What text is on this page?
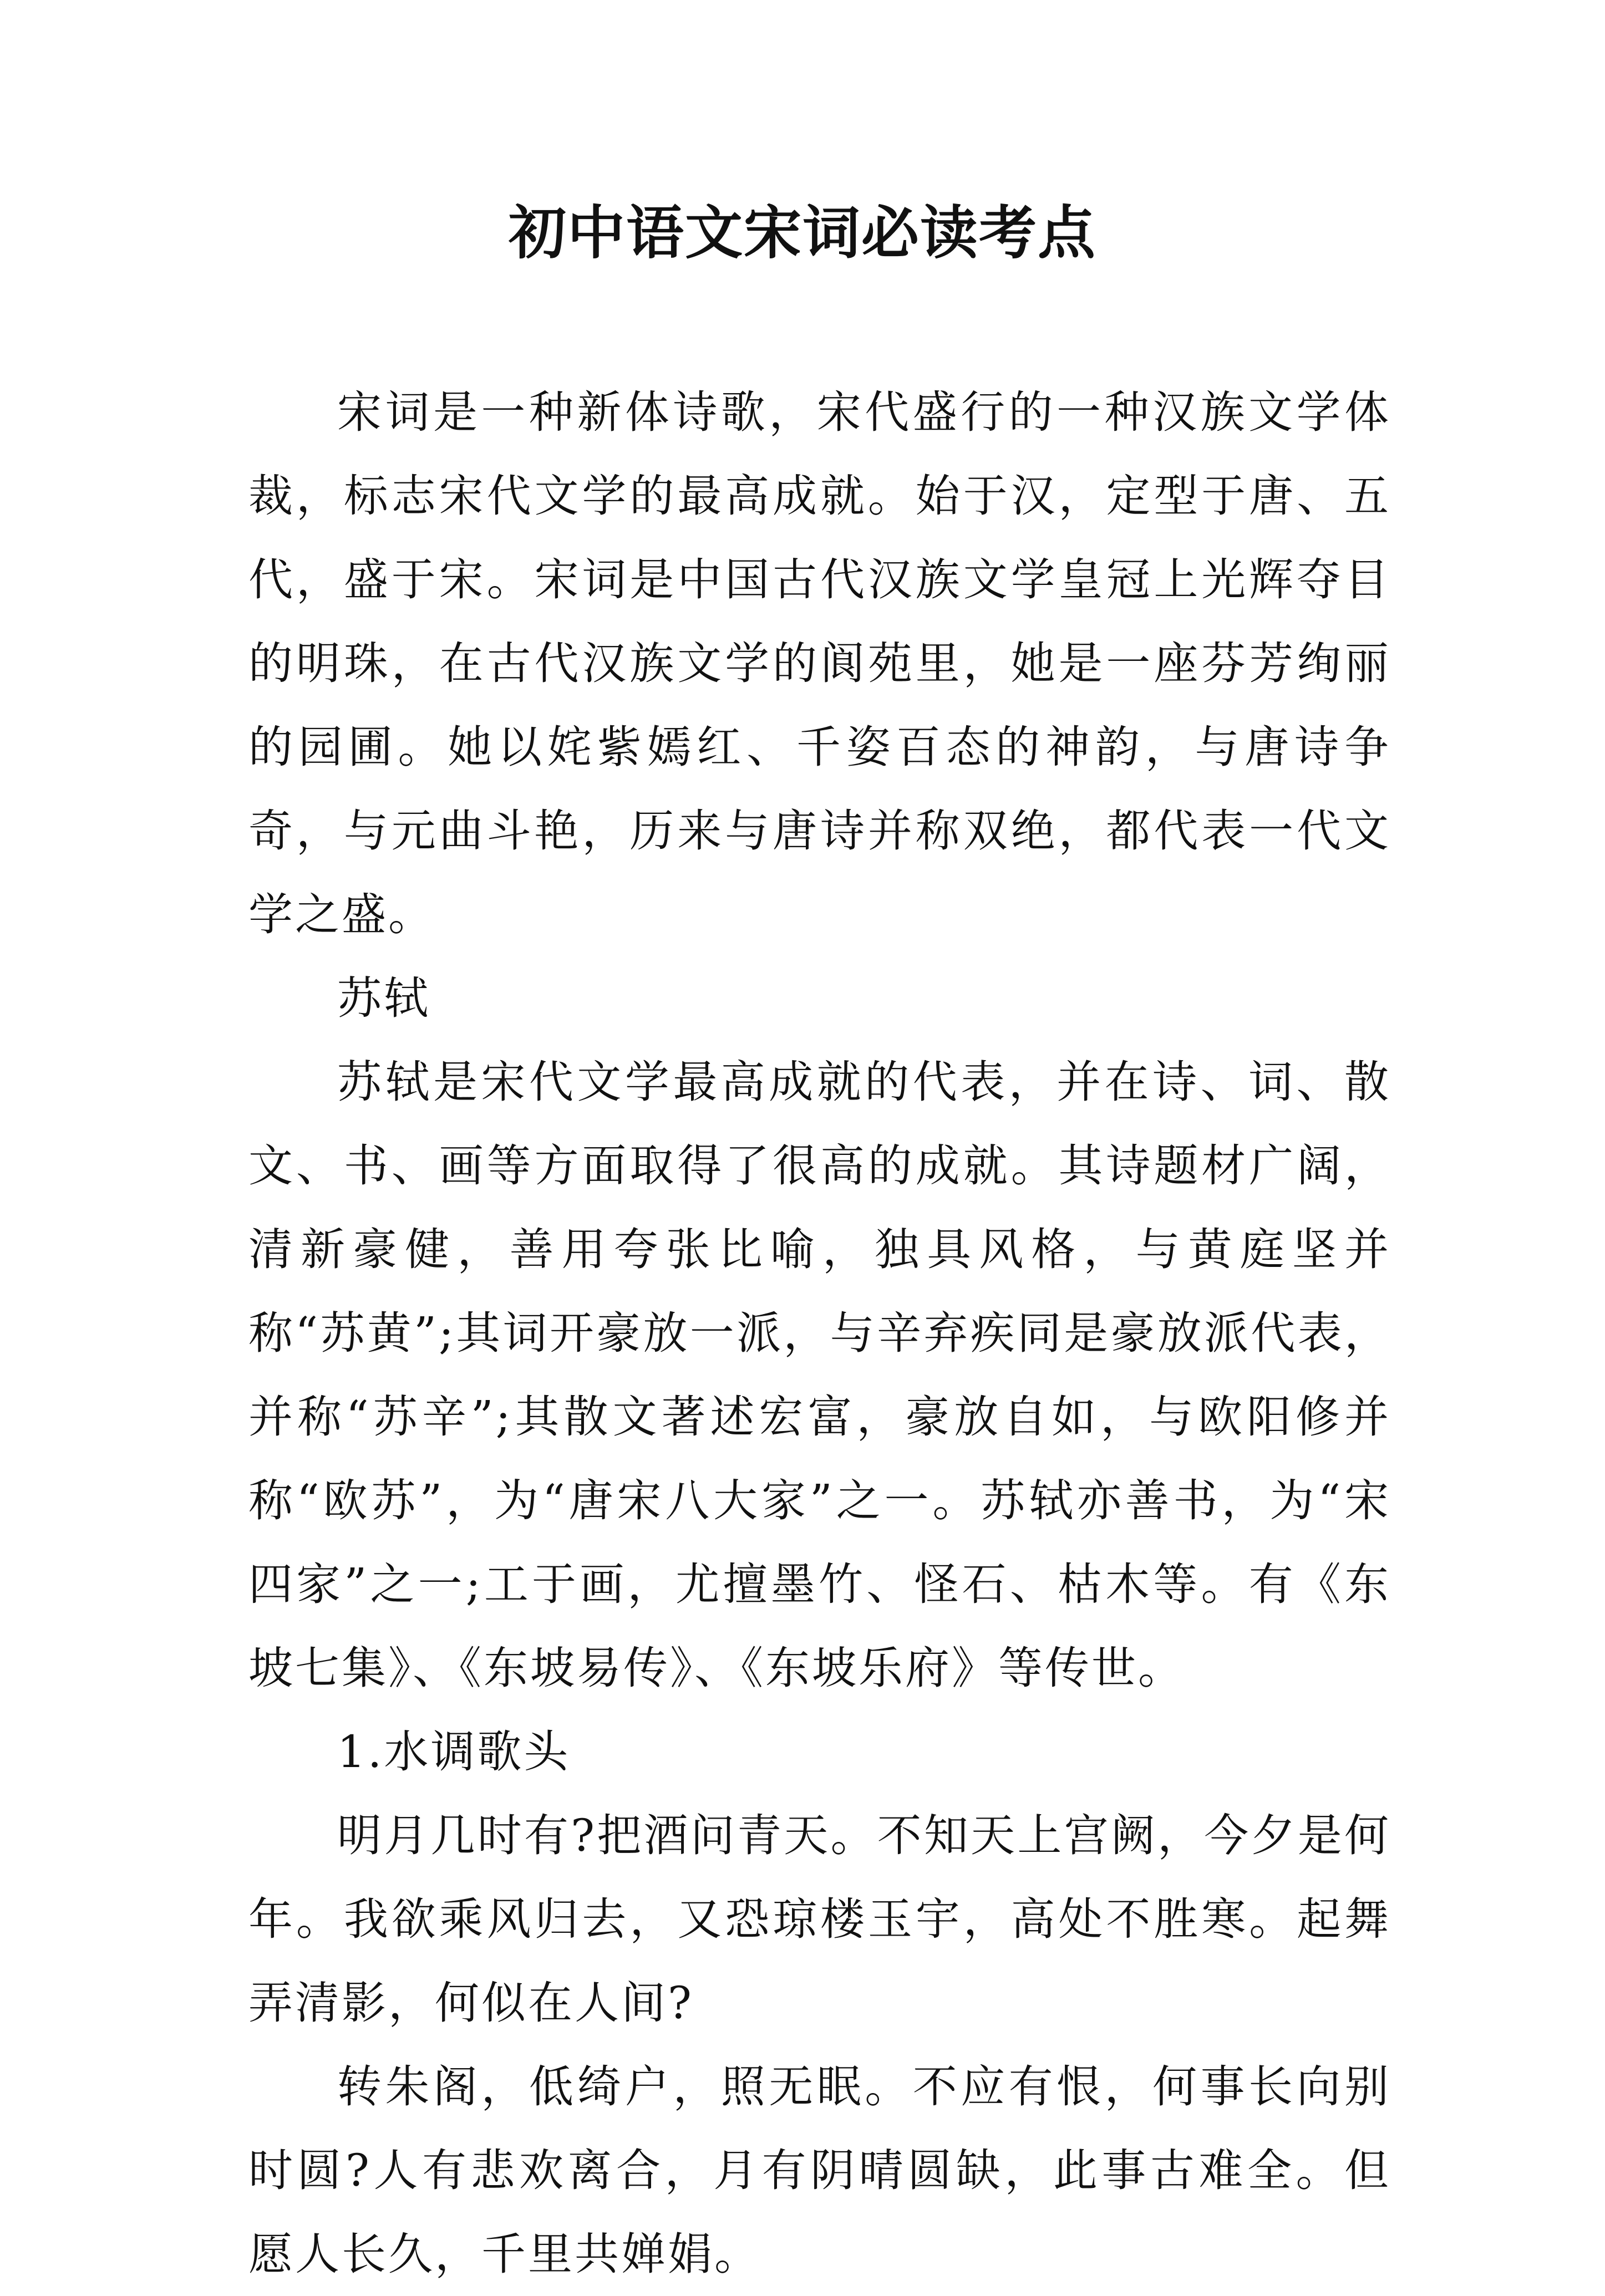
初中语文宋词必读考点

宋词是一种新体诗歌，宋代盛行的一种汉族文学体裁，标志宋代文学的最高成就。始于汉，定型于唐、五代，盛于宋。宋词是中国古代汉族文学皇冠上光辉夺目的明珠，在古代汉族文学的阆苑里，她是一座芬芳绚丽的园圃。她以姹紫嫣红、千姿百态的神韵，与唐诗争奇，与元曲斗艳，历来与唐诗并称双绝，都代表一代文学之盛。

苏轼

苏轼是宋代文学最高成就的代表，并在诗、词、散文、书、画等方面取得了很高的成就。其诗题材广阔，清新豪健，善用夸张比喻，独具风格，与黄庭坚并称“苏黄”;其词开豪放一派，与辛弃疾同是豪放派代表，并称“苏辛”;其散文著述宏富，豪放自如，与欧阳修并称“欧苏”，为“唐宋八大家”之一。苏轼亦善书，为“宋四家”之一;工于画，尤擅墨竹、怪石、枯木等。有《东坡七集》、《东坡易传》、《东坡乐府》等传世。

1.水调歌头

明月几时有?把酒问青天。不知天上宫阙，今夕是何年。我欲乘风归去，又恐琼楼玉宇，高处不胜寒。起舞弄清影，何似在人间?

转朱阁，低绮户，照无眠。不应有恨，何事长向别时圆?人有悲欢离合，月有阴晴圆缺，此事古难全。但愿人长久，千里共婵娟。
